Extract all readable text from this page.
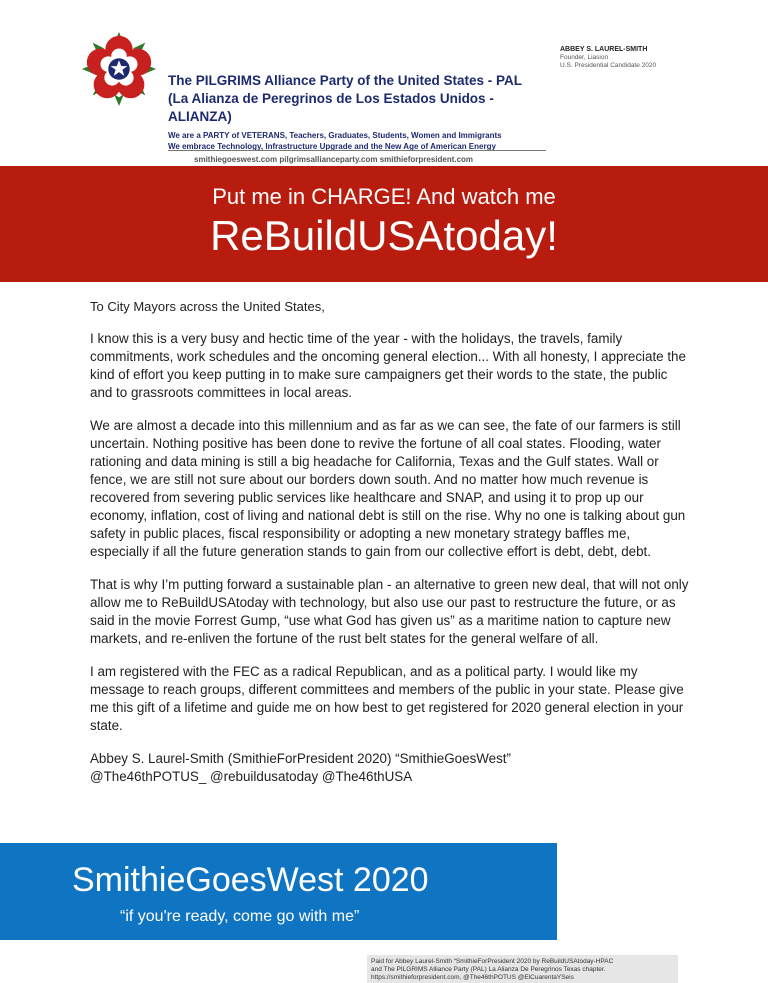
ABBEY S. LAUREL-SMITH
Founder, Liasion
U.S. Presidential Candidate 2020
The PILGRIMS Alliance Party of the United States - PAL
(La Alianza de Peregrinos de Los Estados Unidos - ALIANZA)
We are a PARTY of VETERANS, Teachers, Graduates, Students, Women and Immigrants
We embrace Technology, Infrastructure Upgrade and the New Age of American Energy
smithiegoeswest.com pilgrimsallianceparty.com smithieforpresident.com
Put me in CHARGE! And watch me
ReBuildUSAtoday!

To City Mayors across the United States,

I know this is a very busy and hectic time of the year - with the holidays, the travels, family commitments, work schedules and the oncoming general election... With all honesty, I appreciate the kind of effort you keep putting in to make sure campaigners get their words to the state, the public and to grassroots committees in local areas.

We are almost a decade into this millennium and as far as we can see, the fate of our farmers is still uncertain. Nothing positive has been done to revive the fortune of all coal states. Flooding, water rationing and data mining is still a big headache for California, Texas and the Gulf states. Wall or fence, we are still not sure about our borders down south. And no matter how much revenue is recovered from severing public services like healthcare and SNAP, and using it to prop up our economy, inflation, cost of living and national debt is still on the rise. Why no one is talking about gun safety in public places, fiscal responsibility or adopting a new monetary strategy baffles me, especially if all the future generation stands to gain from our collective effort is debt, debt, debt.

That is why I’m putting forward a sustainable plan - an alternative to green new deal, that will not only allow me to ReBuildUSAtoday with technology, but also use our past to restructure the future, or as said in the movie Forrest Gump, “use what God has given us” as a maritime nation to capture new markets, and re-enliven the fortune of the rust belt states for the general welfare of all.

I am registered with the FEC as a radical Republican, and as a political party. I would like my message to reach groups, different committees and members of the public in your state. Please give me this gift of a lifetime and guide me on how best to get registered for 2020 general election in your state.

Abbey S. Laurel-Smith (SmithieForPresident 2020) “SmithieGoesWest”
@The46thPOTUS_ @rebuildusatoday @The46thUSA
SmithieGoesWest 2020
“if you're ready, come go with me”
Paid for Abbey Laurel-Smith “SmithieForPresident 2020 by ReBuildUSAtoday-HPAC
and The PILGRIMS Alliance Party (PAL) La Alianza De Peregrinos Texas chapter.
https://smithieforpresident.com, @The46thPOTUS @ElCuarentaYSeis
